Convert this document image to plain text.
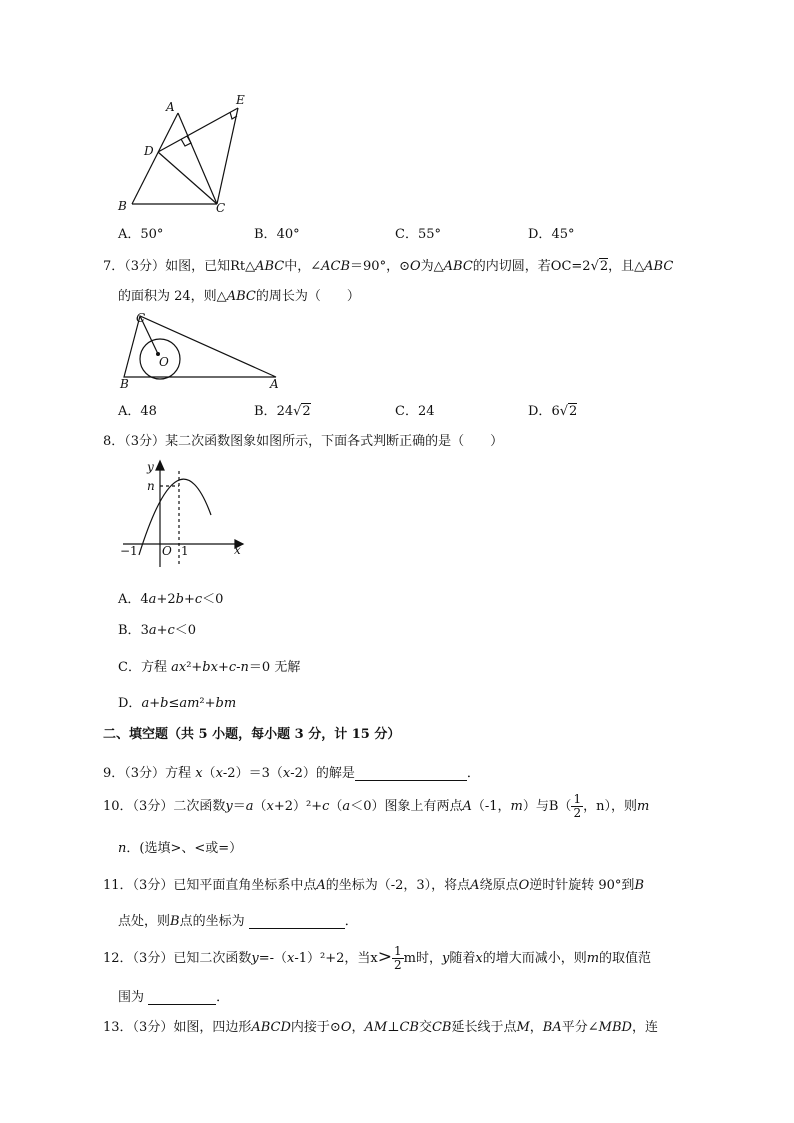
A	E
D
B	C
A．50°	B．40°	C．55°	D．45°
7．（3分）如图，已知Rt△ABC中，∠ACB＝90°，⊙O为△ABC的内切圆，若OC=2√2，且△ABC
的面积为 24，则△ABC的周长为（　　）
C
O
B	A
A．48	B．24√2	C．24	D．6√2
8．（3分）某二次函数图象如图所示，下面各式判断正确的是（　　）
y
n
x
O
−1	1
A．4a+2b+c＜0
B．3a+c＜0
C．方程 ax²+bx+c-n＝0 无解
D．a+b≤am²+bm
二、填空题（共 5 小题，每小题 3 分，计 15 分）
9．（3分）方程 x（x-2）＝3（x-2）的解是	．
10．（3分）二次函数y＝a（x+2）²+c（a＜0）图象上有两点A（-1，m）与$B( \frac{1}{2}$ ，n），则m
n．(选填>、<或=）
11．（3分）已知平面直角坐标系中点A的坐标为（-2，3），将点A绕原点O逆时针旋转 90°到B
点处，则B点的坐标为	．
12．（3分）已知二次函数y=-（x-1）²+2，当$x> \frac{1}{2}$ m时，y随着x的增大而减小，则m的取值范
围为	．
13．（3分）如图，四边形ABCD内接于⊙O，AM⊥CB交CB延长线于点M，BA平分∠MBD，连
